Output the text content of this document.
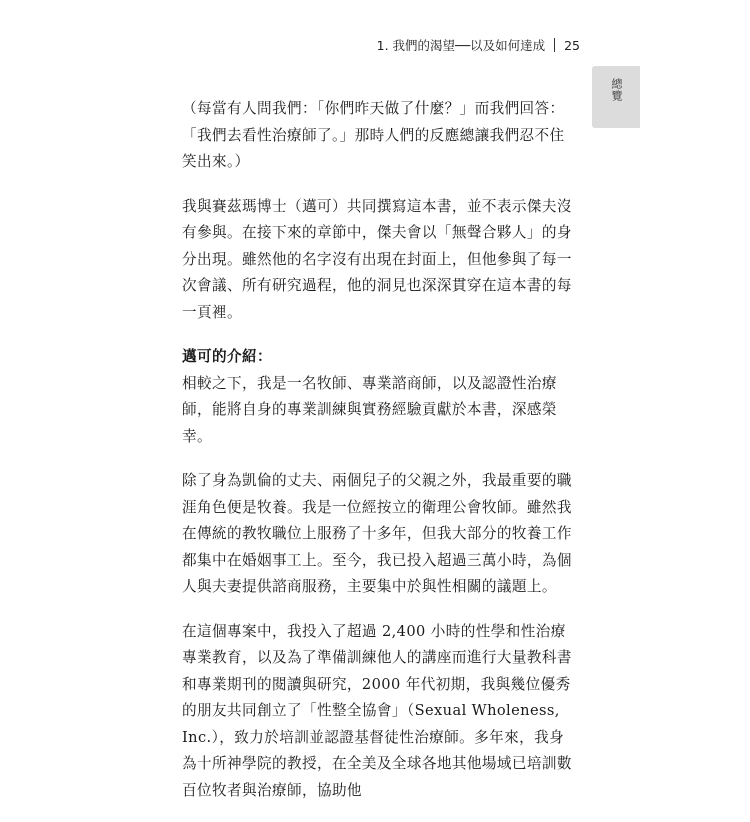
1. 我們的渴望──以及如何達成 25
總覽

（每當有人問我們：「你們昨天做了什麼？」而我們回答：「我們去看性治療師了。」那時人們的反應總讓我們忍不住笑出來。）

我與賽茲瑪博士（邁可）共同撰寫這本書，並不表示傑夫沒有參與。在接下來的章節中，傑夫會以「無聲合夥人」的身分出現。雖然他的名字沒有出現在封面上，但他參與了每一次會議、所有研究過程，他的洞見也深深貫穿在這本書的每一頁裡。

邁可的介紹：

相較之下，我是一名牧師、專業諮商師，以及認證性治療師，能將自身的專業訓練與實務經驗貢獻於本書，深感榮幸。

除了身為凱倫的丈夫、兩個兒子的父親之外，我最重要的職涯角色便是牧養。我是一位經按立的衛理公會牧師。雖然我在傳統的教牧職位上服務了十多年，但我大部分的牧養工作都集中在婚姻事工上。至今，我已投入超過三萬小時，為個人與夫妻提供諮商服務，主要集中於與性相關的議題上。

在這個專案中，我投入了超過 2,400 小時的性學和性治療專業教育，以及為了準備訓練他人的講座而進行大量教科書和專業期刊的閱讀與研究，2000 年代初期，我與幾位優秀的朋友共同創立了「性整全協會」（Sexual Wholeness, Inc.），致力於培訓並認證基督徒性治療師。多年來，我身為十所神學院的教授，在全美及全球各地其他場域已培訓數百位牧者與治療師，協助他
